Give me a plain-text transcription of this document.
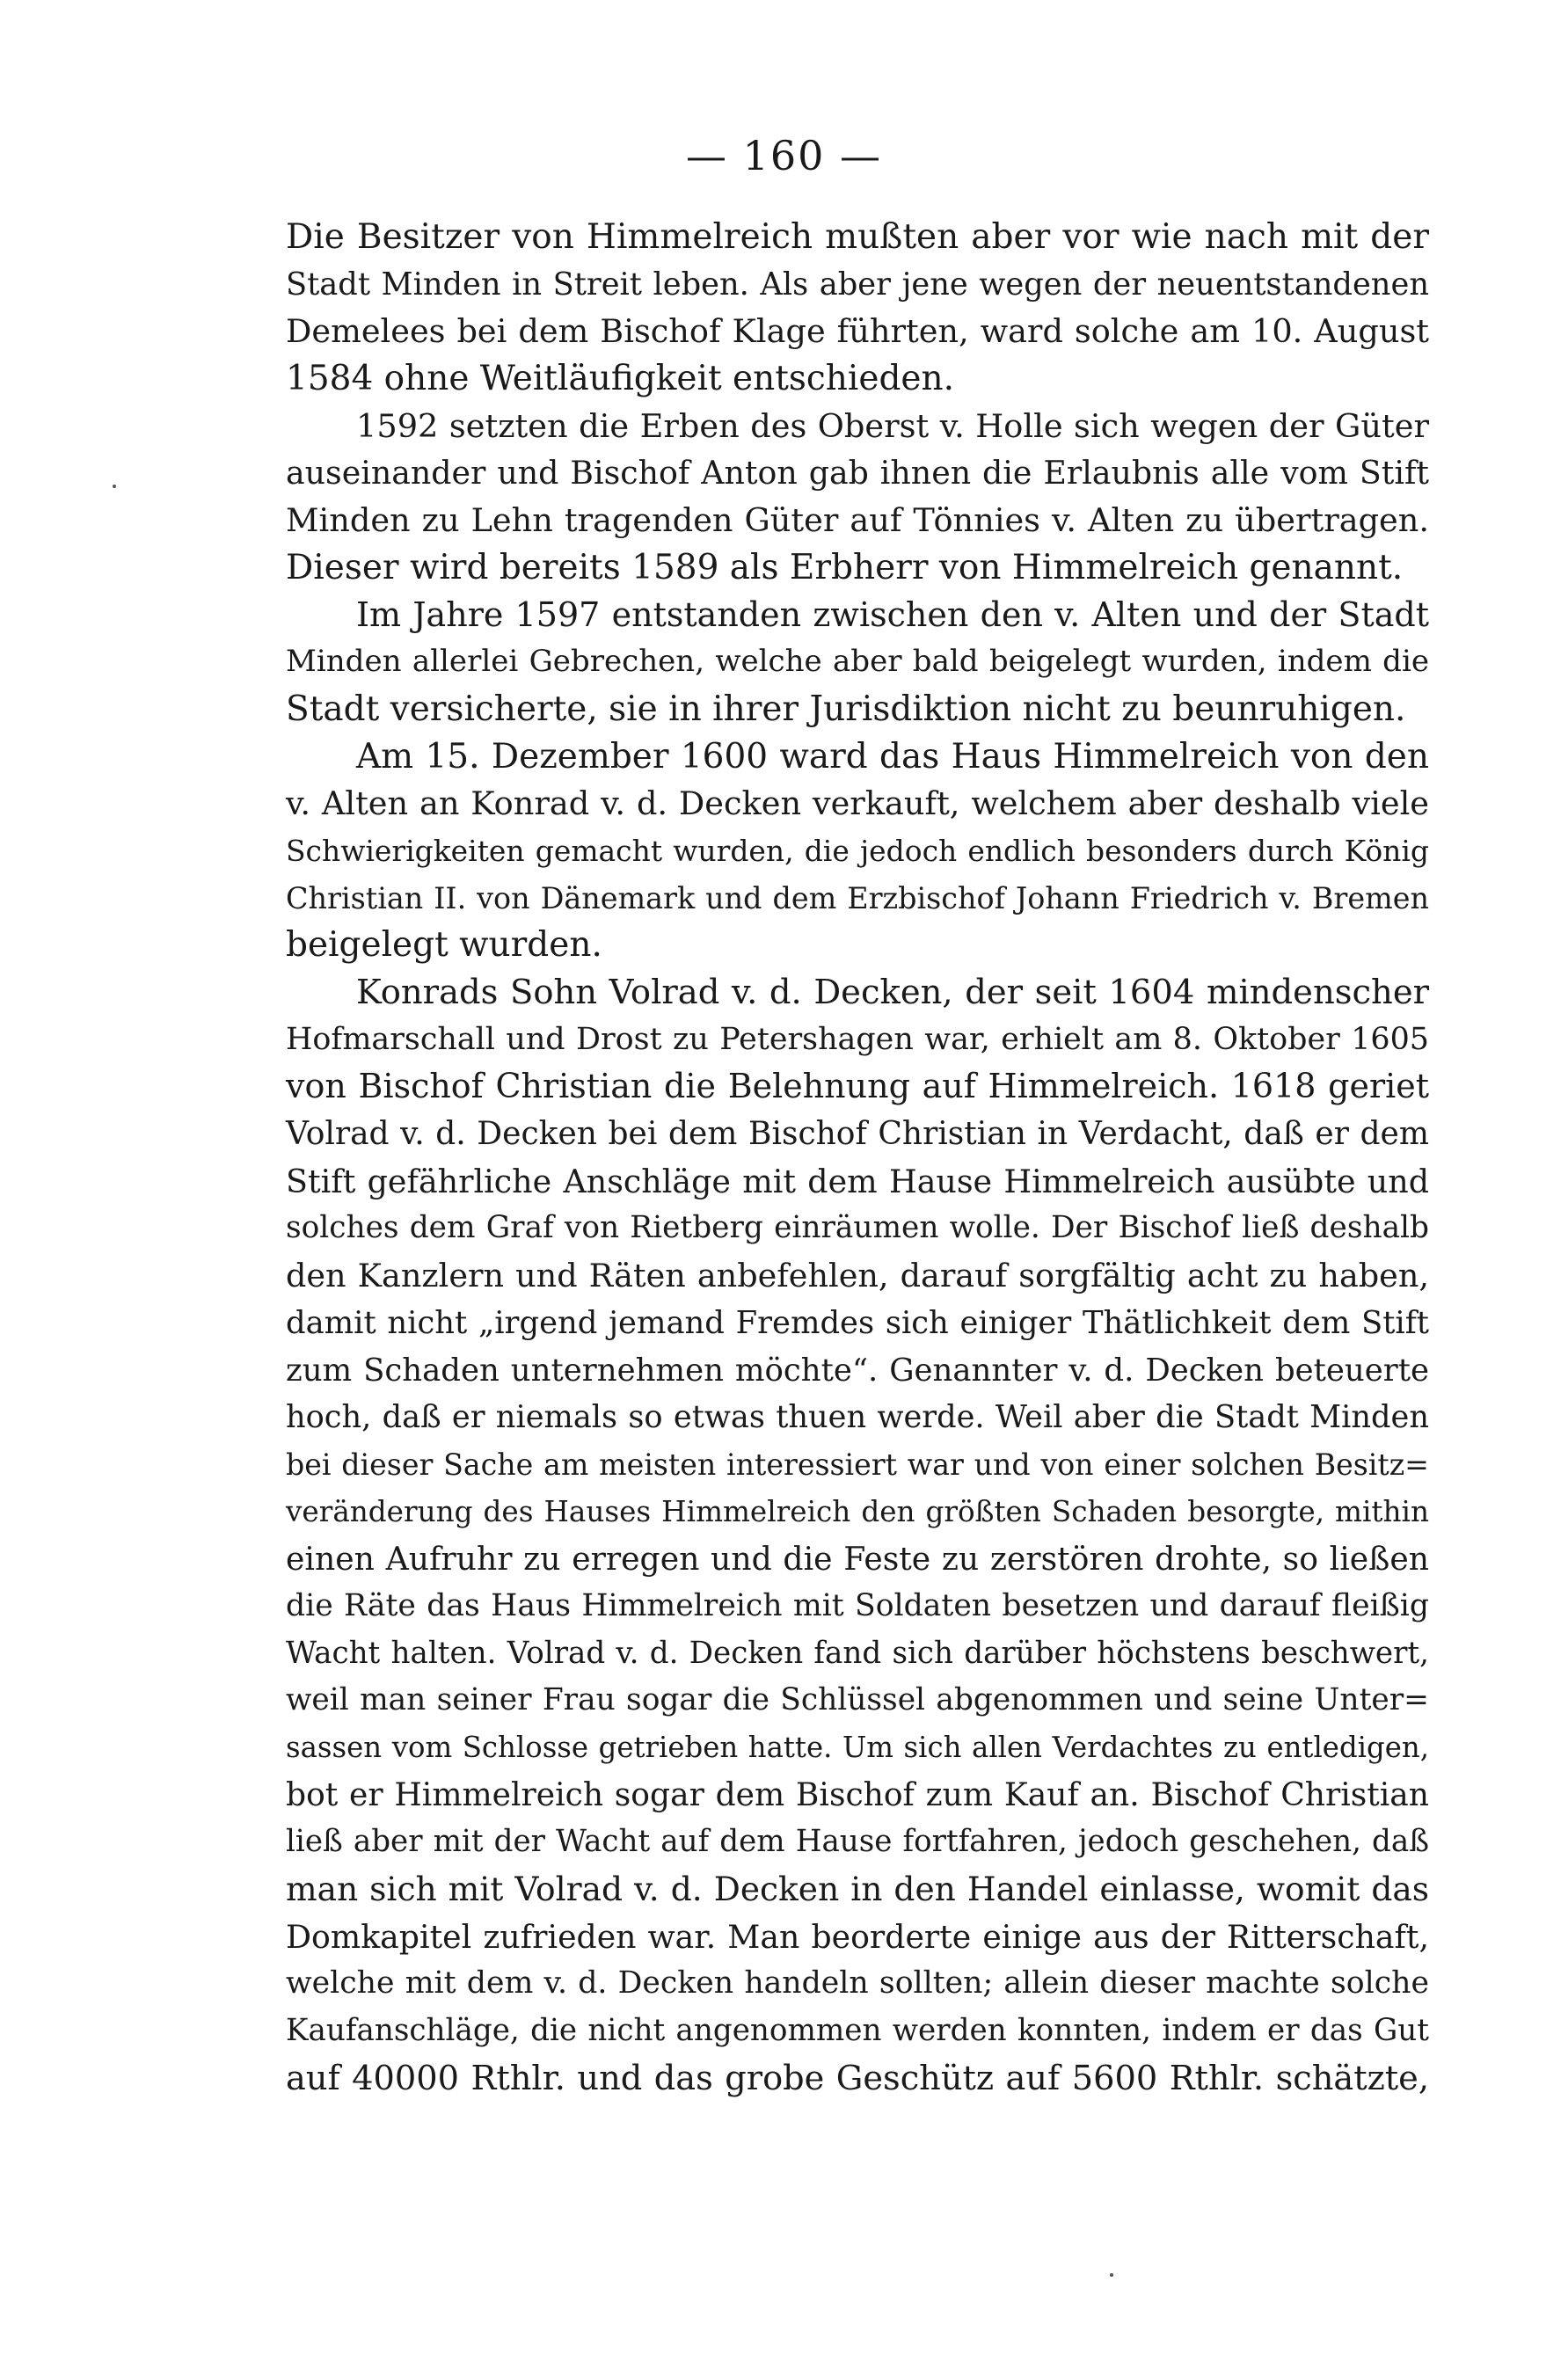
— 160 —
Die Besitzer von Himmelreich mußten aber vor wie nach mit der
Stadt Minden in Streit leben. Als aber jene wegen der neuentstandenen
Demelees bei dem Bischof Klage führten, ward solche am 10. August
1584 ohne Weitläufigkeit entschieden.
1592 setzten die Erben des Oberst v. Holle sich wegen der Güter
auseinander und Bischof Anton gab ihnen die Erlaubnis alle vom Stift
Minden zu Lehn tragenden Güter auf Tönnies v. Alten zu übertragen.
Dieser wird bereits 1589 als Erbherr von Himmelreich genannt.
Im Jahre 1597 entstanden zwischen den v. Alten und der Stadt
Minden allerlei Gebrechen, welche aber bald beigelegt wurden, indem die
Stadt versicherte, sie in ihrer Jurisdiktion nicht zu beunruhigen.
Am 15. Dezember 1600 ward das Haus Himmelreich von den
v. Alten an Konrad v. d. Decken verkauft, welchem aber deshalb viele
Schwierigkeiten gemacht wurden, die jedoch endlich besonders durch König
Christian II. von Dänemark und dem Erzbischof Johann Friedrich v. Bremen
beigelegt wurden.
Konrads Sohn Volrad v. d. Decken, der seit 1604 mindenscher
Hofmarschall und Drost zu Petershagen war, erhielt am 8. Oktober 1605
von Bischof Christian die Belehnung auf Himmelreich. 1618 geriet
Volrad v. d. Decken bei dem Bischof Christian in Verdacht, daß er dem
Stift gefährliche Anschläge mit dem Hause Himmelreich ausübte und
solches dem Graf von Rietberg einräumen wolle. Der Bischof ließ deshalb
den Kanzlern und Räten anbefehlen, darauf sorgfältig acht zu haben,
damit nicht „irgend jemand Fremdes sich einiger Thätlichkeit dem Stift
zum Schaden unternehmen möchte“. Genannter v. d. Decken beteuerte
hoch, daß er niemals so etwas thuen werde. Weil aber die Stadt Minden
bei dieser Sache am meisten interessiert war und von einer solchen Besitz=
veränderung des Hauses Himmelreich den größten Schaden besorgte, mithin
einen Aufruhr zu erregen und die Feste zu zerstören drohte, so ließen
die Räte das Haus Himmelreich mit Soldaten besetzen und darauf fleißig
Wacht halten. Volrad v. d. Decken fand sich darüber höchstens beschwert,
weil man seiner Frau sogar die Schlüssel abgenommen und seine Unter=
sassen vom Schlosse getrieben hatte. Um sich allen Verdachtes zu entledigen,
bot er Himmelreich sogar dem Bischof zum Kauf an. Bischof Christian
ließ aber mit der Wacht auf dem Hause fortfahren, jedoch geschehen, daß
man sich mit Volrad v. d. Decken in den Handel einlasse, womit das
Domkapitel zufrieden war. Man beorderte einige aus der Ritterschaft,
welche mit dem v. d. Decken handeln sollten; allein dieser machte solche
Kaufanschläge, die nicht angenommen werden konnten, indem er das Gut
auf 40000 Rthlr. und das grobe Geschütz auf 5600 Rthlr. schätzte,
